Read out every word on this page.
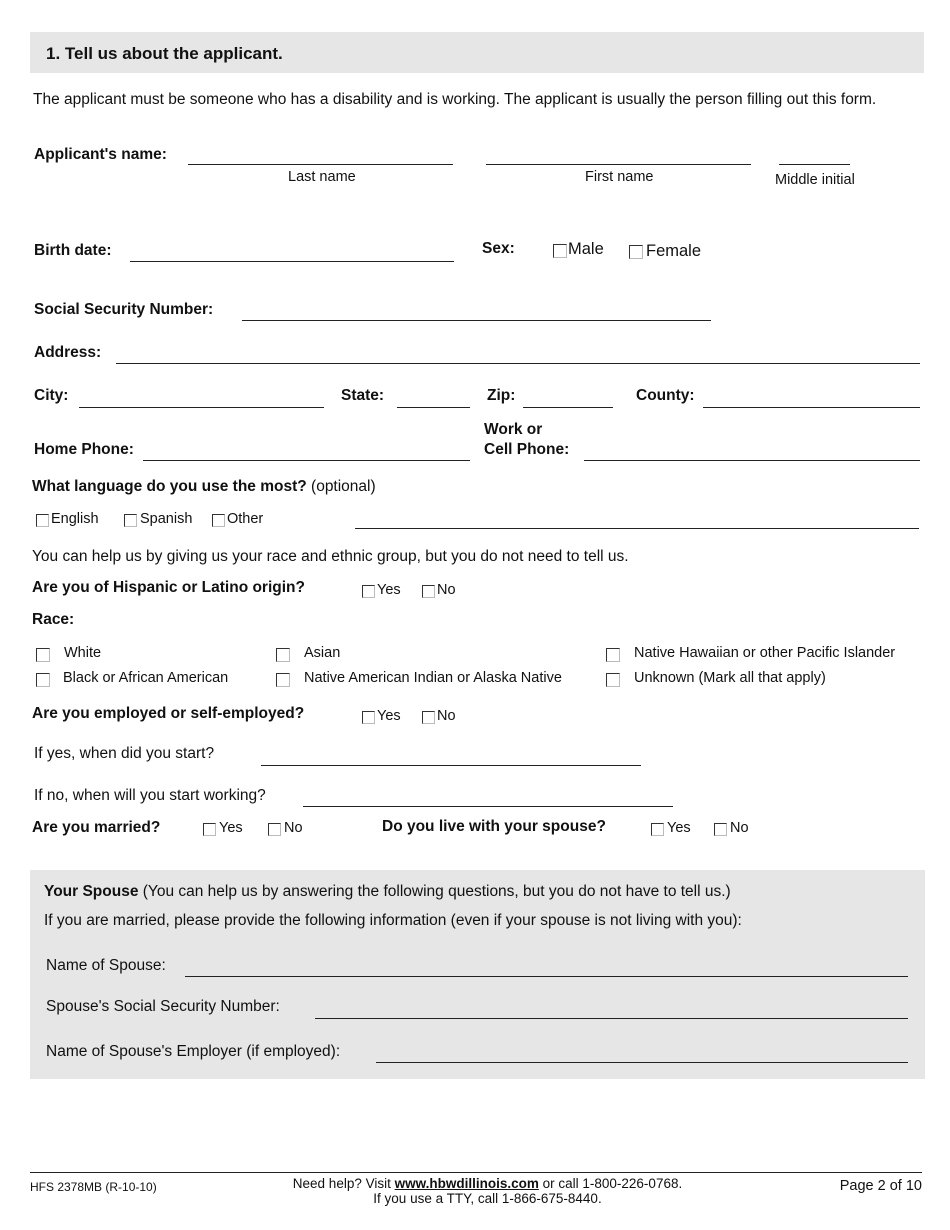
1. Tell us about the applicant.
The applicant must be someone who has a disability and is working. The applicant is usually the person filling out this form.
Applicant's name:
Last name	First name	Middle initial
Birth date:	Sex:	Male	Female
Social Security Number:
Address:
City:	State:	Zip:	County:
Home Phone:
Work or
Cell Phone:
What language do you use the most? (optional)
English	Spanish Other
You can help us by giving us your race and ethnic group, but you do not need to tell us.
Are you of Hispanic or Latino origin?	Yes	No
Race:
White	Asian	Native Hawaiian or other Pacific Islander
Black or African American	Native American Indian or Alaska Native	Unknown (Mark all that apply)
Are you employed or self-employed?	Yes	No
If yes, when did you start?
If no, when will you start working?
Are you married?	Yes	No	Do you live with your spouse?	Yes	No
Your Spouse (You can help us by answering the following questions, but you do not have to tell us.)
If you are married, please provide the following information (even if your spouse is not living with you):
Name of Spouse:
Spouse's Social Security Number:
Name of Spouse's Employer (if employed):
HFS 2378MB (R-10-10)	Need help? Visit www.hbwdillinois.com or call 1-800-226-0768.
If you use a TTY, call 1-866-675-8440.
Page 2 of 10
